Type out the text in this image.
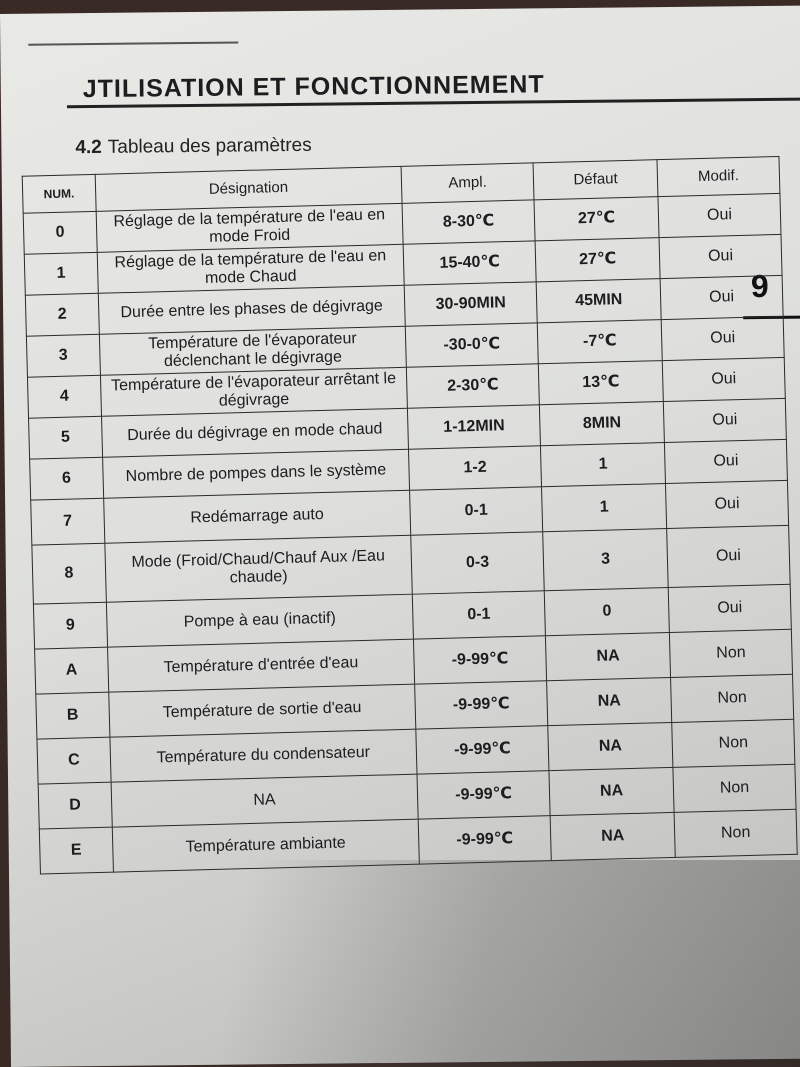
JTILISATION ET FONCTIONNEMENT
4.2 Tableau des paramètres
9
NUM.	Désignation	Ampl.	Défaut	Modif.
0	Réglage de la température de l'eau en mode Froid	8-30℃	27℃	Oui
1	Réglage de la température de l'eau en mode Chaud	15-40℃	27℃	Oui
2	Durée entre les phases de dégivrage	30-90MIN	45MIN	Oui
3	Température de l'évaporateur déclenchant le dégivrage	-30-0℃	-7℃	Oui
4	Température de l'évaporateur arrêtant le dégivrage	2-30℃	13℃	Oui
5	Durée du dégivrage en mode chaud	1-12MIN	8MIN	Oui
6	Nombre de pompes dans le système	1-2	1	Oui
7	Redémarrage auto	0-1	1	Oui
8	Mode (Froid/Chaud/Chauf Aux /Eau chaude)	0-3	3	Oui
9	Pompe à eau (inactif)	0-1	0	Oui
A	Température d'entrée d'eau	-9-99℃	NA	Non
B	Température de sortie d'eau	-9-99℃	NA	Non
C	Température du condensateur	-9-99℃	NA	Non
D	NA	-9-99℃	NA	Non
E	Température ambiante	-9-99℃	NA	Non
